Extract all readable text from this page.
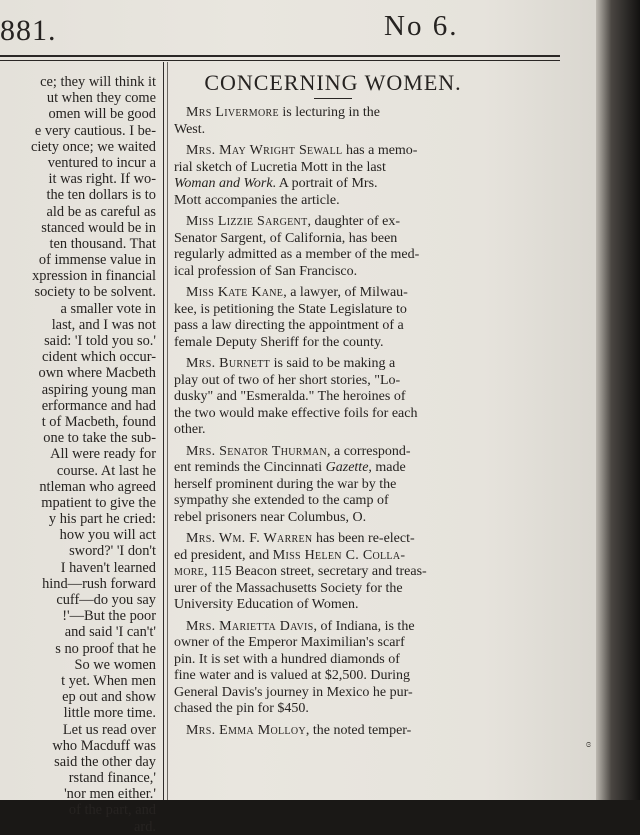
881.	No 6.
ce; they will think it
ut when they come
omen will be good
e very cautious. I be-
ciety once; we waited
ventured to incur a
it was right. If wo-
the ten dollars is to
ald be as careful as
stanced would be in
ten thousand. That
of immense value in
xpression in financial
society to be solvent.
a smaller vote in
last, and I was not
said: 'I told you so.'
cident which occur-
own where Macbeth
aspiring young man
erformance and had
t of Macbeth, found
one to take the sub-
All were ready for
course. At last he
ntleman who agreed
mpatient to give the
y his part he cried:
how you will act
sword?' 'I don't
I haven't learned
hind—rush forward
cuff—do you say
!'—But the poor
and said 'I can't'
s no proof that he
So we women
t yet. When men
ep out and show
little more time.
Let us read over
who Macduff was
said the other day
rstand finance,'
'nor men either.'
of the part, and
ard.
CONCERNING WOMEN.
Mrs Livermore is lecturing in the
West.
Mrs. May Wright Sewall has a memo-
rial sketch of Lucretia Mott in the last
Woman and Work. A portrait of Mrs.
Mott accompanies the article.
Miss Lizzie Sargent, daughter of ex-
Senator Sargent, of California, has been
regularly admitted as a member of the med-
ical profession of San Francisco.
Miss Kate Kane, a lawyer, of Milwau-
kee, is petitioning the State Legislature to
pass a law directing the appointment of a
female Deputy Sheriff for the county.
Mrs. Burnett is said to be making a
play out of two of her short stories, "Lo-
dusky" and "Esmeralda." The heroines of
the two would make effective foils for each
other.
Mrs. Senator Thurman, a correspond-
ent reminds the Cincinnati Gazette, made
herself prominent during the war by the
sympathy she extended to the camp of
rebel prisoners near Columbus, O.
Mrs. Wm. F. Warren has been re-elect-
ed president, and Miss Helen C. Colla-
more, 115 Beacon street, secretary and treas-
urer of the Massachusetts Society for the
University Education of Women.
Mrs. Marietta Davis, of Indiana, is the
owner of the Emperor Maximilian's scarf
pin. It is set with a hundred diamonds of
fine water and is valued at $2,500. During
General Davis's journey in Mexico he pur-
chased the pin for $450.
Mrs. Emma Molloy, the noted temper-
ɞ
